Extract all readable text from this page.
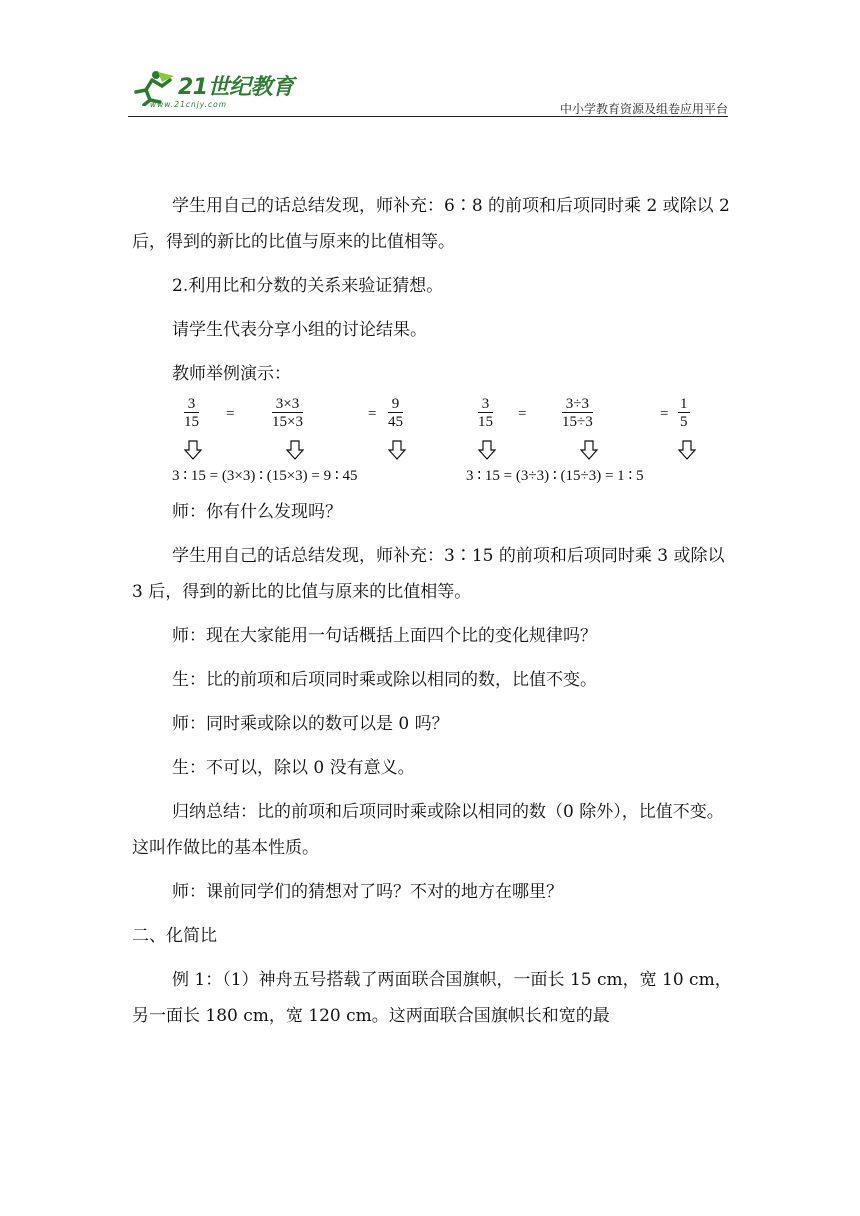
21世纪教育
www.21cnjy.com	中小学教育资源及组卷应用平台

学生用自己的话总结发现，师补充：6∶8 的前项和后项同时乘 2 或除以 2 后，得到的新比的比值与原来的比值相等。

2.利用比和分数的关系来验证猜想。

请学生代表分享小组的讨论结果。

教师举例演示：

$\frac{3}{15}$ =	$\frac{3\times 3}{15\times 3}$	= $\frac{9}{45}$
3 ∶ 15 = (3×3) ∶ (15×3) = 9 ∶ 45
$\frac{3}{15} = \frac{3\div 3}{15\div 3}$	= $\frac{1}{5}$
3 ∶ 15 = (3÷3) ∶ (15÷3) = 1 ∶ 5

师：你有什么发现吗？

学生用自己的话总结发现，师补充：3∶15 的前项和后项同时乘 3 或除以 3 后，得到的新比的比值与原来的比值相等。

师：现在大家能用一句话概括上面四个比的变化规律吗？

生：比的前项和后项同时乘或除以相同的数，比值不变。

师：同时乘或除以的数可以是 0 吗？

生：不可以，除以 0 没有意义。

归纳总结：比的前项和后项同时乘或除以相同的数（0 除外），比值不变。这叫作做比的基本性质。

师：课前同学们的猜想对了吗？不对的地方在哪里？

二、化简比

例 1：（1）神舟五号搭载了两面联合国旗帜，一面长 15 cm，宽 10 cm，另一面长 180 cm，宽 120 cm。这两面联合国旗帜长和宽的最
